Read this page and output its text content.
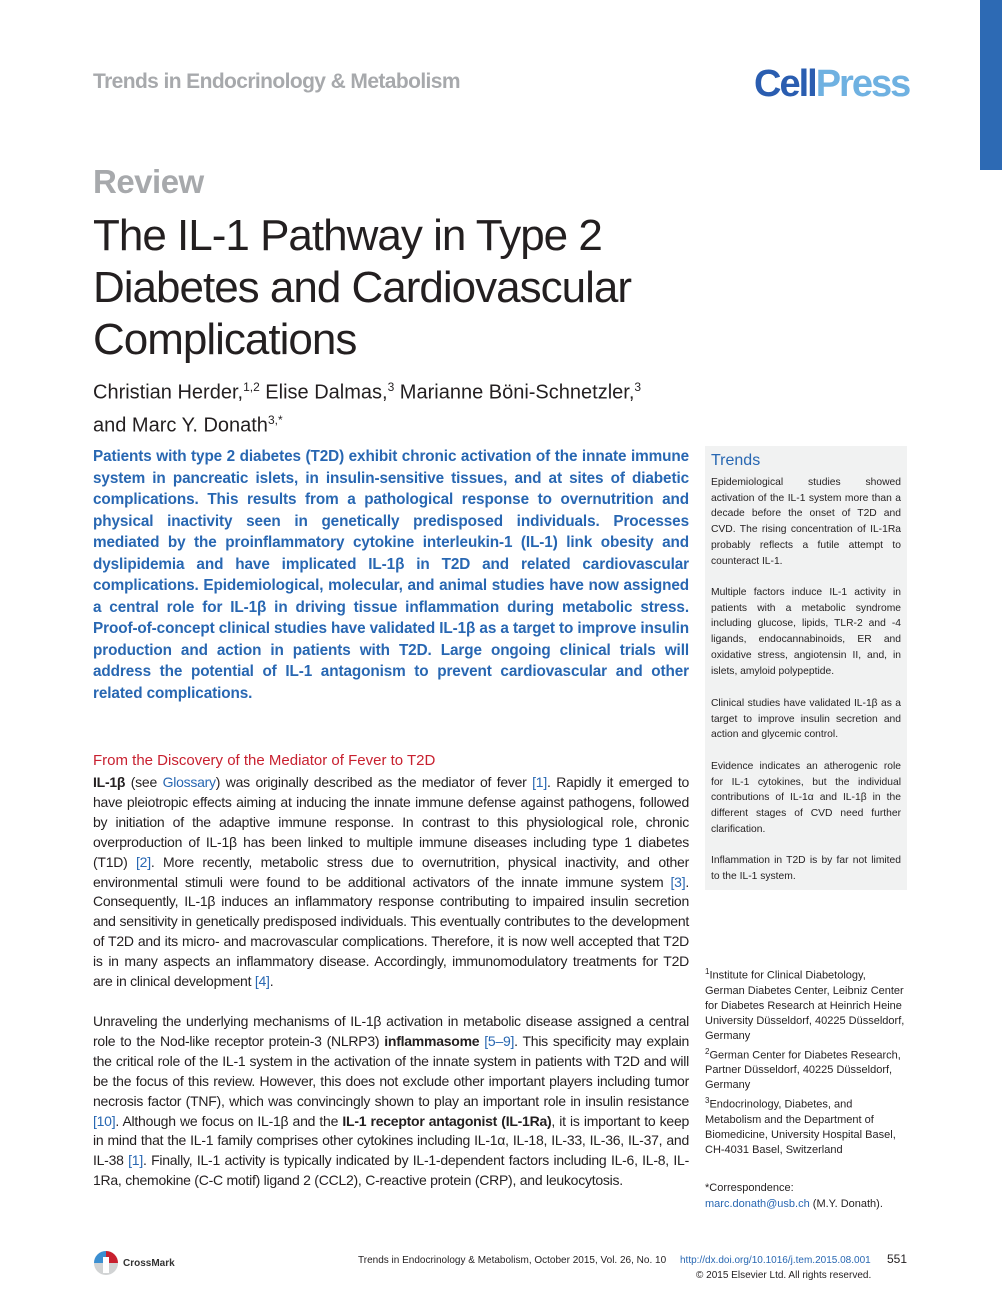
Trends in Endocrinology & Metabolism	CellPress
Review
The IL-1 Pathway in Type 2 Diabetes and Cardiovascular Complications
Christian Herder,$^{1,2}$ Elise Dalmas,$^3$ Marianne Böni-Schnetzler,$^3$
and Marc Y. Donath$^{3,*}$
Patients with type 2 diabetes (T2D) exhibit chronic activation of the innate immune system in pancreatic islets, in insulin-sensitive tissues, and at sites of diabetic complications. This results from a pathological response to overnutrition and physical inactivity seen in genetically predisposed individuals. Processes mediated by the proinflammatory cytokine interleukin-1 (IL-1) link obesity and dyslipidemia and have implicated IL-1β in T2D and related cardiovascular complications. Epidemiological, molecular, and animal studies have now assigned a central role for IL-1β in driving tissue inflammation during metabolic stress. Proof-of-concept clinical studies have validated IL-1β as a target to improve insulin production and action in patients with T2D. Large ongoing clinical trials will address the potential of IL-1 antagonism to prevent cardiovascular and other related complications.
Trends
Epidemiological studies showed activation of the IL-1 system more than a decade before the onset of T2D and CVD. The rising concentration of IL-1Ra probably reflects a futile attempt to counteract IL-1.
Multiple factors induce IL-1 activity in patients with a metabolic syndrome including glucose, lipids, TLR-2 and -4 ligands, endocannabinoids, ER and oxidative stress, angiotensin II, and, in islets, amyloid polypeptide.
Clinical studies have validated IL-1β as a target to improve insulin secretion and action and glycemic control.
Evidence indicates an atherogenic role for IL-1 cytokines, but the individual contributions of IL-1α and IL-1β in the different stages of CVD need further clarification.
Inflammation in T2D is by far not limited to the IL-1 system.
From the Discovery of the Mediator of Fever to T2D

IL-1β (see Glossary) was originally described as the mediator of fever [1]. Rapidly it emerged to have pleiotropic effects aiming at inducing the innate immune defense against pathogens, followed by initiation of the adaptive immune response. In contrast to this physiological role, chronic overproduction of IL-1β has been linked to multiple immune diseases including type 1 diabetes (T1D) [2]. More recently, metabolic stress due to overnutrition, physical inactivity, and other environmental stimuli were found to be additional activators of the innate immune system [3]. Consequently, IL-1β induces an inflammatory response contributing to impaired insulin secretion and sensitivity in genetically predisposed individuals. This eventually contributes to the development of T2D and its micro- and macrovascular complications. Therefore, it is now well accepted that T2D is in many aspects an inflammatory disease. Accordingly, immunomodulatory treatments for T2D are in clinical development [4].

Unraveling the underlying mechanisms of IL-1β activation in metabolic disease assigned a central role to the Nod-like receptor protein-3 (NLRP3) inflammasome [5–9]. This specificity may explain the critical role of the IL-1 system in the activation of the innate system in patients with T2D and will be the focus of this review. However, this does not exclude other important players including tumor necrosis factor (TNF), which was convincingly shown to play an important role in insulin resistance [10]. Although we focus on IL-1β and the IL-1 receptor antagonist (IL-1Ra), it is important to keep in mind that the IL-1 family comprises other cytokines including IL-1α, IL-18, IL-33, IL-36, IL-37, and IL-38 [1]. Finally, IL-1 activity is typically indicated by IL-1-dependent factors including IL-6, IL-8, IL-1Ra, chemokine (C-C motif) ligand 2 (CCL2), C-reactive protein (CRP), and leukocytosis.

$^1$Institute for Clinical Diabetology, German Diabetes Center, Leibniz Center for Diabetes Research at Heinrich Heine University Düsseldorf, 40225 Düsseldorf, Germany
$^2$German Center for Diabetes Research, Partner Düsseldorf, 40225 Düsseldorf, Germany
$^3$Endocrinology, Diabetes, and Metabolism and the Department of Biomedicine, University Hospital Basel, CH-4031 Basel, Switzerland
*Correspondence:
marc.donath@usb.ch (M.Y. Donath).
CrossMark	Trends in Endocrinology & Metabolism, October 2015, Vol. 26, No. 10 http://dx.doi.org/10.1016/j.tem.2015.08.001 551
© 2015 Elsevier Ltd. All rights reserved.
